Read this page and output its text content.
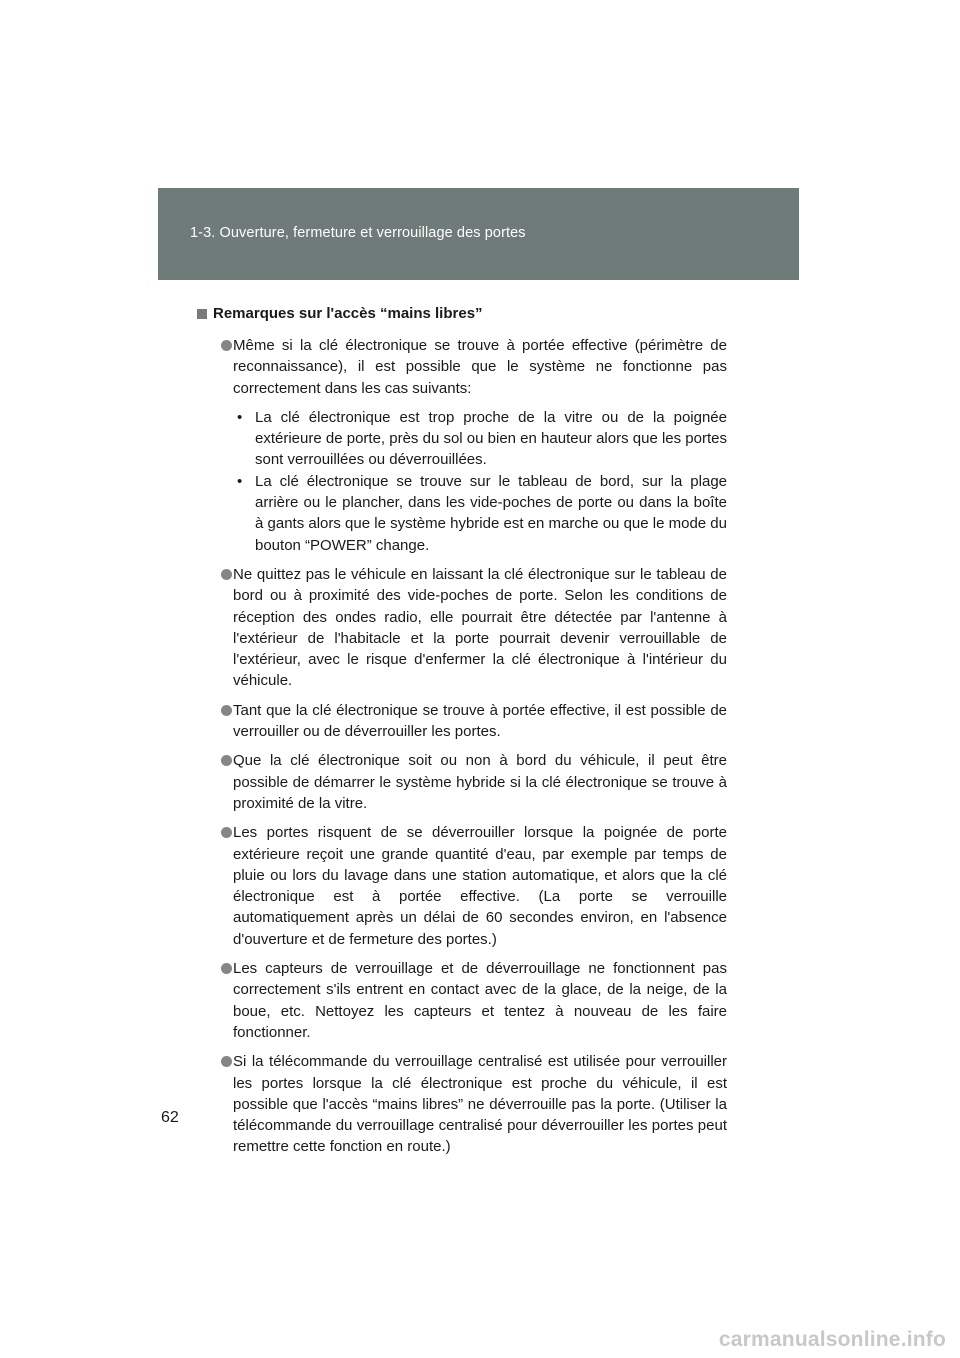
1-3. Ouverture, fermeture et verrouillage des portes
Remarques sur l'accès “mains libres”
Même si la clé électronique se trouve à portée effective (périmètre de reconnaissance), il est possible que le système ne fonctionne pas correctement dans les cas suivants:
• La clé électronique est trop proche de la vitre ou de la poignée extérieure de porte, près du sol ou bien en hauteur alors que les portes sont verrouillées ou déverrouillées.
• La clé électronique se trouve sur le tableau de bord, sur la plage arrière ou le plancher, dans les vide-poches de porte ou dans la boîte à gants alors que le système hybride est en marche ou que le mode du bouton “POWER” change.
Ne quittez pas le véhicule en laissant la clé électronique sur le tableau de bord ou à proximité des vide-poches de porte. Selon les conditions de réception des ondes radio, elle pourrait être détectée par l'antenne à l'extérieur de l'habitacle et la porte pourrait devenir verrouillable de l'extérieur, avec le risque d'enfermer la clé électronique à l'intérieur du véhicule.
Tant que la clé électronique se trouve à portée effective, il est possible de verrouiller ou de déverrouiller les portes.
Que la clé électronique soit ou non à bord du véhicule, il peut être possible de démarrer le système hybride si la clé électronique se trouve à proximité de la vitre.
Les portes risquent de se déverrouiller lorsque la poignée de porte extérieure reçoit une grande quantité d'eau, par exemple par temps de pluie ou lors du lavage dans une station automatique, et alors que la clé électronique est à portée effective. (La porte se verrouille automatiquement après un délai de 60 secondes environ, en l'absence d'ouverture et de fermeture des portes.)
Les capteurs de verrouillage et de déverrouillage ne fonctionnent pas correctement s'ils entrent en contact avec de la glace, de la neige, de la boue, etc. Nettoyez les capteurs et tentez à nouveau de les faire fonctionner.
Si la télécommande du verrouillage centralisé est utilisée pour verrouiller les portes lorsque la clé électronique est proche du véhicule, il est possible que l'accès “mains libres” ne déverrouille pas la porte. (Utiliser la télécommande du verrouillage centralisé pour déverrouiller les portes peut remettre cette fonction en route.)
62
carmanualsonline.info
